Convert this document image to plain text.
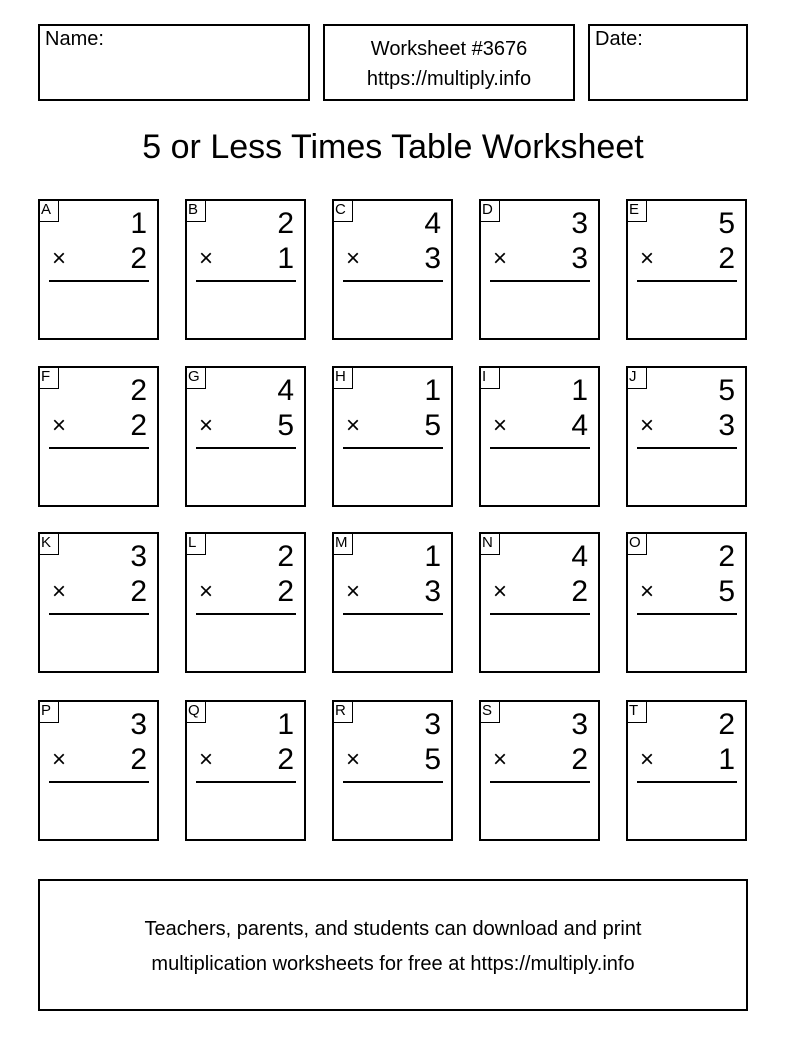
Name:	Worksheet #3676
https://multiply.info
Date:
5 or Less Times Table Worksheet
A	1
× 2
B	2
× 1
C	4
× 3
D	3
× 3
E	5
× 2
F	2
× 2
G	4
× 5
H	1
× 5
I	1
× 4
J	5
× 3
K	3
× 2
L	2
× 2
M	1
× 3
N	4
× 2
O	2
× 5
P	3
× 2
Q	1
× 2
R	3
× 5
S	3
× 2
T	2
× 1
Teachers, parents, and students can download and print
multiplication worksheets for free at https://multiply.info
